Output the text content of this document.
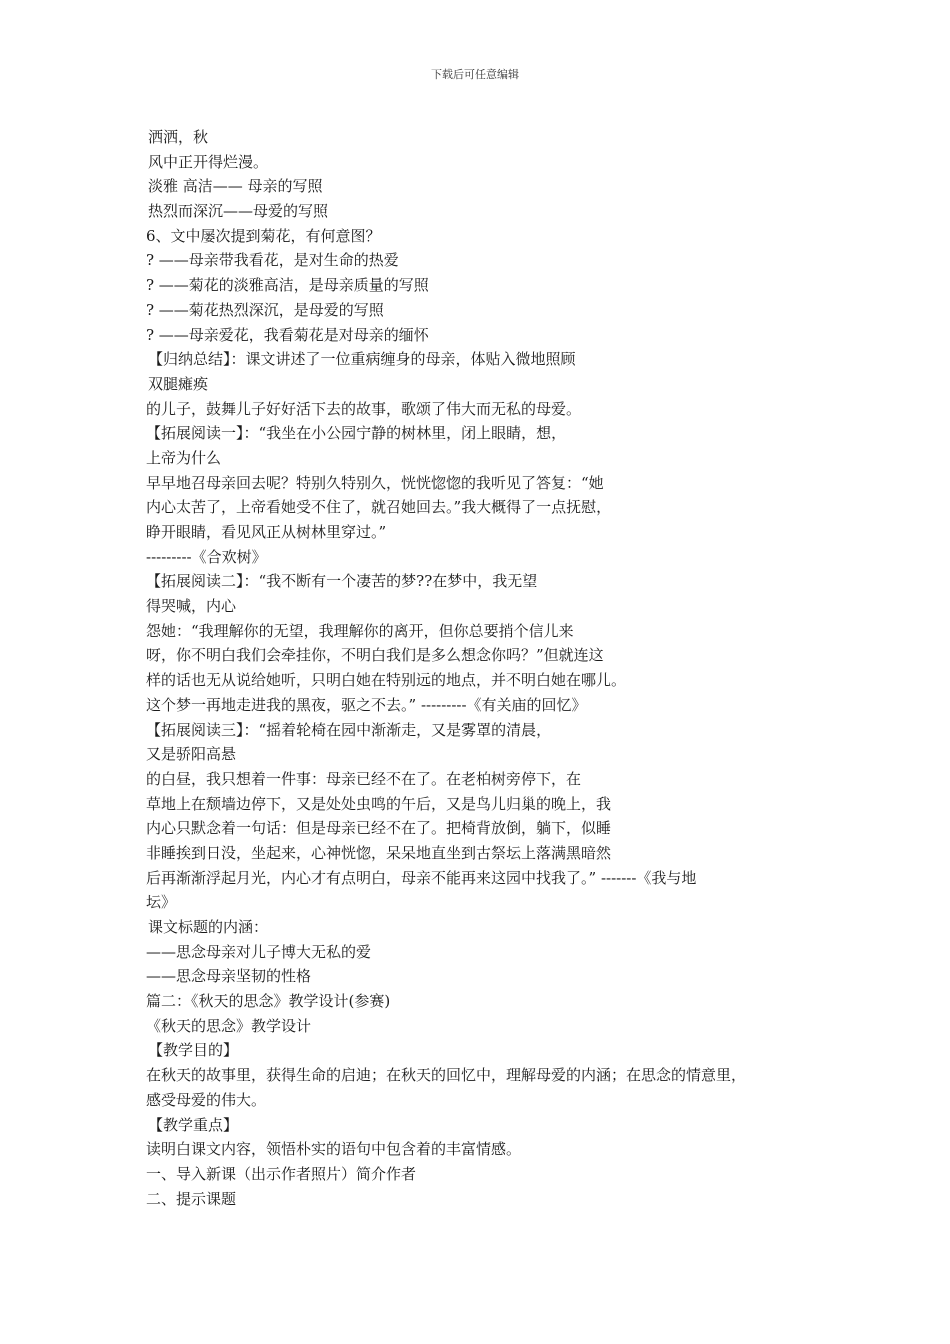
下载后可任意编辑

洒洒，秋

风中正开得烂漫。

淡雅 高洁—— 母亲的写照

热烈而深沉——母爱的写照

6、文中屡次提到菊花，有何意图？

? ——母亲带我看花，是对生命的热爱

? ——菊花的淡雅高洁，是母亲质量的写照

? ——菊花热烈深沉，是母爱的写照

? ——母亲爱花，我看菊花是对母亲的缅怀

【归纳总结】：课文讲述了一位重病缠身的母亲，体贴入微地照顾

双腿瘫痪

的儿子，鼓舞儿子好好活下去的故事，歌颂了伟大而无私的母爱。

【拓展阅读一】：“我坐在小公园宁静的树林里，闭上眼睛，想，

上帝为什么

早早地召母亲回去呢？特别久特别久，恍恍惚惚的我听见了答复：“她

内心太苦了，上帝看她受不住了，就召她回去。”我大概得了一点抚慰，

睁开眼睛，看见风正从树林里穿过。”

---------《合欢树》

【拓展阅读二】：“我不断有一个凄苦的梦??在梦中，我无望

得哭喊，内心

怨她：“我理解你的无望，我理解你的离开，但你总要捎个信儿来

呀，你不明白我们会牵挂你，不明白我们是多么想念你吗？”但就连这

样的话也无从说给她听，只明白她在特别远的地点，并不明白她在哪儿。

这个梦一再地走进我的黑夜，驱之不去。” ---------《有关庙的回忆》

【拓展阅读三】：“摇着轮椅在园中渐渐走，又是雾罩的清晨，

又是骄阳高悬

的白昼，我只想着一件事：母亲已经不在了。在老柏树旁停下，在

草地上在颓墙边停下，又是处处虫鸣的午后，又是鸟儿归巢的晚上，我

内心只默念着一句话：但是母亲已经不在了。把椅背放倒，躺下，似睡

非睡挨到日没，坐起来，心神恍惚，呆呆地直坐到古祭坛上落满黑暗然

后再渐渐浮起月光，内心才有点明白，母亲不能再来这园中找我了。” -------《我与地

坛》

课文标题的内涵：

——思念母亲对儿子博大无私的爱

——思念母亲坚韧的性格

篇二：《秋天的思念》教学设计(参赛)

《秋天的思念》教学设计

【教学目的】

在秋天的故事里，获得生命的启迪；在秋天的回忆中，理解母爱的内涵；在思念的情意里，

感受母爱的伟大。

【教学重点】

读明白课文内容，领悟朴实的语句中包含着的丰富情感。

一、导入新课（出示作者照片）简介作者

二、提示课题
